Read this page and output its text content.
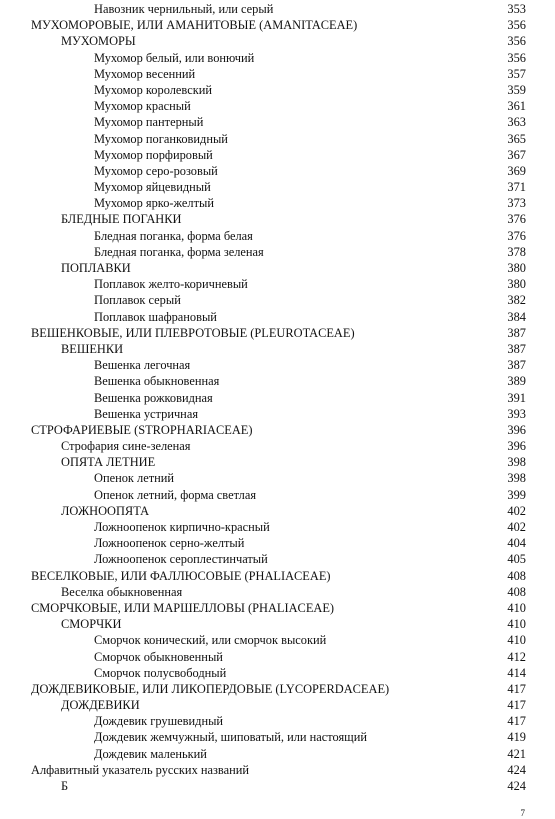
Навозник чернильный, или серый	353
МУХОМОРОВЫЕ, ИЛИ АМАНИТОВЫЕ (AMANITACEAE)	356
МУХОМОРЫ	356
Мухомор белый, или вонючий	356
Мухомор весенний	357
Мухомор королевский	359
Мухомор красный	361
Мухомор пантерный	363
Мухомор поганковидный	365
Мухомор порфировый	367
Мухомор серо-розовый	369
Мухомор яйцевидный	371
Мухомор ярко-желтый	373
БЛЕДНЫЕ ПОГАНКИ	376
Бледная поганка, форма белая	376
Бледная поганка, форма зеленая	378
ПОПЛАВКИ	380
Поплавок желто-коричневый	380
Поплавок серый	382
Поплавок шафрановый	384
ВЕШЕНКОВЫЕ, ИЛИ ПЛЕВРОТОВЫЕ (PLEUROTACEAE)	387
ВЕШЕНКИ	387
Вешенка легочная	387
Вешенка обыкновенная	389
Вешенка рожковидная	391
Вешенка устричная	393
СТРОФАРИЕВЫЕ (STROPHARIACEAE)	396
Строфария сине-зеленая	396
ОПЯТА ЛЕТНИЕ	398
Опенок летний	398
Опенок летний, форма светлая	399
ЛОЖНООПЯТА	402
Ложноопенок кирпично-красный	402
Ложноопенок серно-желтый	404
Ложноопенок сероплестинчатый	405
ВЕСЕЛКОВЫЕ, ИЛИ ФАЛЛЮСОВЫЕ (PHALIACEAE)	408
Веселка обыкновенная	408
СМОРЧКОВЫЕ, ИЛИ МАРШЕЛЛОВЫ (PHALIACEAE)	410
СМОРЧКИ	410
Сморчок конический, или сморчок высокий	410
Сморчок обыкновенный	412
Сморчок полусвободный	414
ДОЖДЕВИКОВЫЕ, ИЛИ ЛИКОПЕРДОВЫЕ (LYCOPERDACEAE)	417
ДОЖДЕВИКИ	417
Дождевик грушевидный	417
Дождевик жемчужный, шиповатый, или настоящий	419
Дождевик маленький	421
Алфавитный указатель русских названий	424
Б	424
7
